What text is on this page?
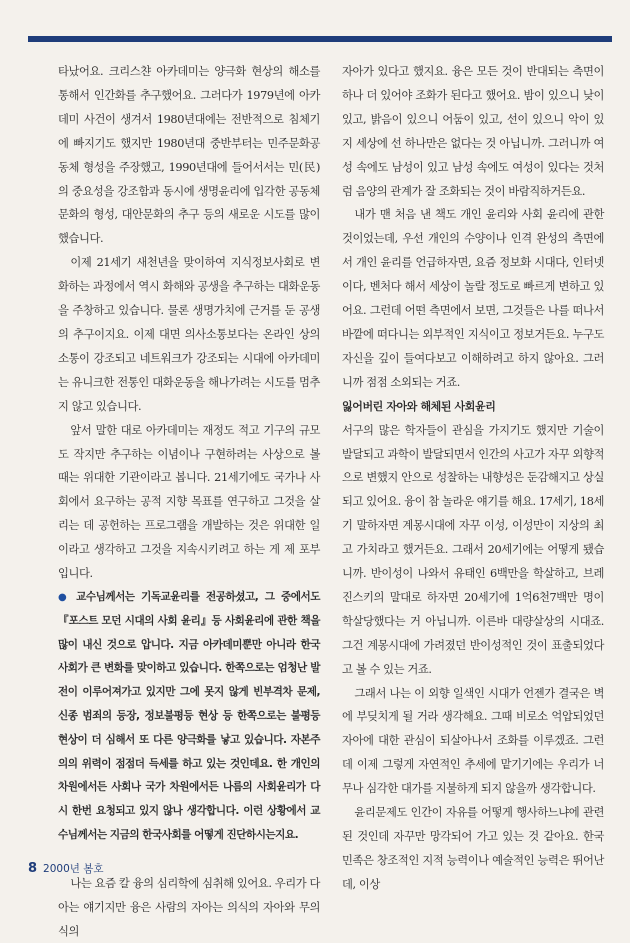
타났어요. 크리스챤 아카데미는 양극화 현상의 해소를 통해서 인간화를 추구했어요. 그러다가 1979년에 아카데미 사건이 생겨서 1980년대에는 전반적으로 침체기에 빠지기도 했지만 1980년대 중반부터는 민주문화공동체 형성을 주장했고, 1990년대에 들어서서는 민(民)의 중요성을 강조함과 동시에 생명윤리에 입각한 공동체 문화의 형성, 대안문화의 추구 등의 새로운 시도를 많이 했습니다.

이제 21세기 새천년을 맞이하여 지식정보사회로 변화하는 과정에서 역시 화해와 공생을 추구하는 대화운동을 주창하고 있습니다. 물론 생명가치에 근거를 둔 공생의 추구이지요. 이제 대면 의사소통보다는 온라인 상의 소통이 강조되고 네트워크가 강조되는 시대에 아카데미는 유니크한 전통인 대화운동을 해나가려는 시도를 멈추지 않고 있습니다.

앞서 말한 대로 아카데미는 재정도 적고 기구의 규모도 작지만 추구하는 이념이나 구현하려는 사상으로 볼 때는 위대한 기관이라고 봅니다. 21세기에도 국가나 사회에서 요구하는 공적 지향 목표를 연구하고 그것을 살리는 데 공헌하는 프로그램을 개발하는 것은 위대한 일이라고 생각하고 그것을 지속시키려고 하는 게 제 포부입니다.

● 교수님께서는 기독교윤리를 전공하셨고, 그 중에서도 『포스트 모던 시대의 사회 윤리』등 사회윤리에 관한 책을 많이 내신 것으로 압니다. 지금 아카데미뿐만 아니라 한국 사회가 큰 변화를 맞이하고 있습니다. 한쪽으로는 엄청난 발전이 이루어져가고 있지만 그에 못지 않게 빈부격차 문제, 신종 범죄의 등장, 정보불평등 현상 등 한쪽으로는 불평등 현상이 더 심해서 또 다른 양극화를 낳고 있습니다. 자본주의의 위력이 점점더 득세를 하고 있는 것인데요. 한 개인의 차원에서든 사회나 국가 차원에서든 나름의 사회윤리가 다시 한번 요청되고 있지 않나 생각합니다. 이런 상황에서 교수님께서는 지금의 한국사회를 어떻게 진단하시는지요.

나는 요즘 칼 융의 심리학에 심취해 있어요. 우리가 다 아는 얘기지만 융은 사람의 자아는 의식의 자아와 무의식의

자아가 있다고 했지요. 융은 모든 것이 반대되는 측면이 하나 더 있어야 조화가 된다고 했어요. 밤이 있으니 낮이 있고, 밝음이 있으니 어둠이 있고, 선이 있으니 악이 있지 세상에 선 하나만은 없다는 것 아닙니까. 그러니까 여성 속에도 남성이 있고 남성 속에도 여성이 있다는 것처럼 음양의 관계가 잘 조화되는 것이 바람직하거든요.

내가 맨 처음 낸 책도 개인 윤리와 사회 윤리에 관한 것이었는데, 우선 개인의 수양이나 인격 완성의 측면에서 개인 윤리를 언급하자면, 요즘 정보화 시대다, 인터넷이다, 벤처다 해서 세상이 놀랄 정도로 빠르게 변하고 있어요. 그런데 어떤 측면에서 보면, 그것들은 나를 떠나서 바깥에 떠다니는 외부적인 지식이고 정보거든요. 누구도 자신을 깊이 들여다보고 이해하려고 하지 않아요. 그러니까 점점 소외되는 거죠.

잃어버린 자아와 해체된 사회윤리

서구의 많은 학자들이 관심을 가지기도 했지만 기술이 발달되고 과학이 발달되면서 인간의 사고가 자꾸 외향적으로 변했지 안으로 성찰하는 내향성은 둔감해지고 상실되고 있어요. 융이 참 놀라운 얘기를 해요. 17세기, 18세기 말하자면 계몽시대에 자꾸 이성, 이성만이 지상의 최고 가치라고 했거든요. 그래서 20세기에는 어떻게 됐습니까. 반이성이 나와서 유태인 6백만을 학살하고, 브레진스키의 말대로 하자면 20세기에 1억6천7백만 명이 학살당했다는 거 아닙니까. 이른바 대량살상의 시대죠. 그건 계몽시대에 가려졌던 반이성적인 것이 표출되었다고 볼 수 있는 거죠.

그래서 나는 이 외향 일색인 시대가 언젠가 결국은 벽에 부딪치게 될 거라 생각해요. 그때 비로소 억압되었던 자아에 대한 관심이 되살아나서 조화를 이루겠죠. 그런데 이제 그렇게 자연적인 추세에 맡기기에는 우리가 너무나 심각한 대가를 지불하게 되지 않을까 생각합니다.

윤리문제도 인간이 자유를 어떻게 행사하느냐에 관련된 것인데 자꾸만 망각되어 가고 있는 것 같아요. 한국 민족은 창조적인 지적 능력이나 예술적인 능력은 뛰어난데, 이상

8 2000년 봄호
